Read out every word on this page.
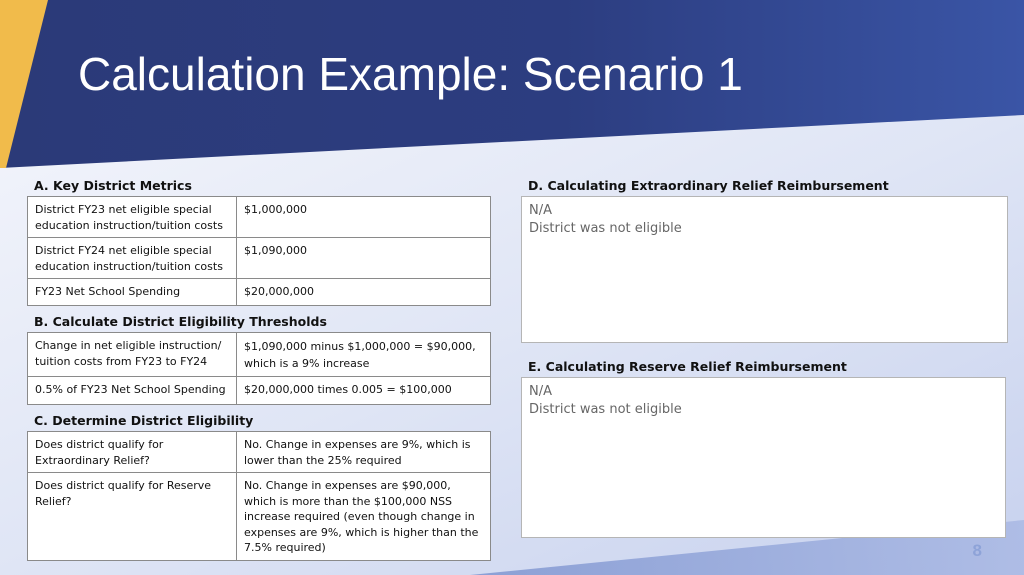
Calculation Example: Scenario 1
A. Key District Metrics
District FY23 net eligible special education instruction/tuition costs	$1,000,000
District FY24 net eligible special education instruction/tuition costs	$1,090,000
FY23 Net School Spending	$20,000,000
B. Calculate District Eligibility Thresholds
Change in net eligible instruction/ tuition costs from FY23 to FY24	$1,090,000 minus $1,000,000 = $90,000, which is a 9% increase
0.5% of FY23 Net School Spending	$20,000,000 times 0.005 = $100,000
C. Determine District Eligibility
Does district qualify for Extraordinary Relief?	No. Change in expenses are 9%, which is lower than the 25% required
Does district qualify for Reserve Relief?	No. Change in expenses are $90,000, which is more than the $100,000 NSS increase required (even though change in expenses are 9%, which is higher than the 7.5% required)
D. Calculating Extraordinary Relief Reimbursement
N/A
District was not eligible
E. Calculating Reserve Relief Reimbursement
N/A
District was not eligible
8
